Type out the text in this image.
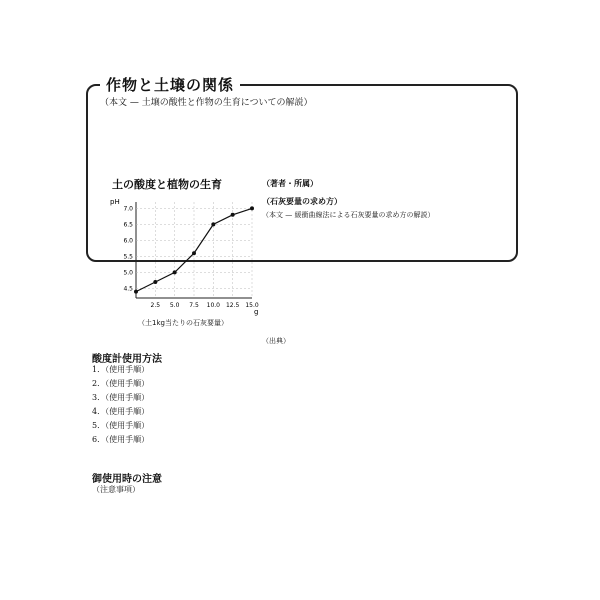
作物と土壌の関係
（本文 — 土壌の酸性と作物の生育についての解説）
土の酸度と植物の生育	（著者・所属）
pH
g
4.5
5.0
5.5
6.0
6.5
7.0
2.5 5.0 7.5 10.0 12.5 15.0
（土1kg当たりの石灰要量）
（石灰要量の求め方）
（本文 — 緩衝曲線法による石灰要量の求め方の解説）
（出典）
酸度計使用方法
1．（使用手順）
2．（使用手順）
3．（使用手順）
4．（使用手順）
5．（使用手順）
6．（使用手順）
御使用時の注意
（注意事項）
